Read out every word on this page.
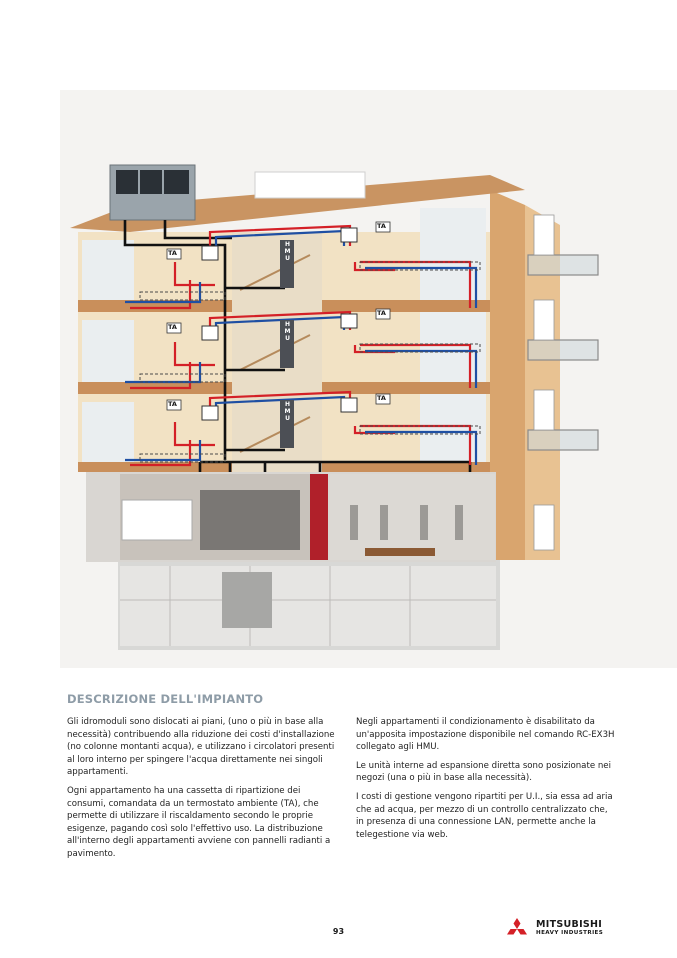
TA
TA
TA
TA
TA
TA
HMU
HMU
HMU
DESCRIZIONE DELL'IMPIANTO

Gli idromoduli sono dislocati ai piani, (uno o più in base alla necessità) contribuendo alla riduzione dei costi d'installazione (no colonne montanti acqua), e utilizzano i circolatori presenti al loro interno per spingere l'acqua direttamente nei singoli appartamenti.

Ogni appartamento ha una cassetta di ripartizione dei consumi, comandata da un termostato ambiente (TA), che permette di utilizzare il riscaldamento secondo le proprie esigenze, pagando così solo l'effettivo uso. La distribuzione all'interno degli appartamenti avviene con pannelli radianti a pavimento.

Negli appartamenti il condizionamento è disabilitato da un'apposita impostazione disponibile nel comando RC-EX3H collegato agli HMU.

Le unità interne ad espansione diretta sono posizionate nei negozi (una o più in base alla necessità).

I costi di gestione vengono ripartiti per U.I., sia essa ad aria che ad acqua, per mezzo di un controllo centralizzato che, in presenza di una connessione LAN, permette anche la telegestione via web.

93
MITSUBISHI
HEAVY INDUSTRIES
